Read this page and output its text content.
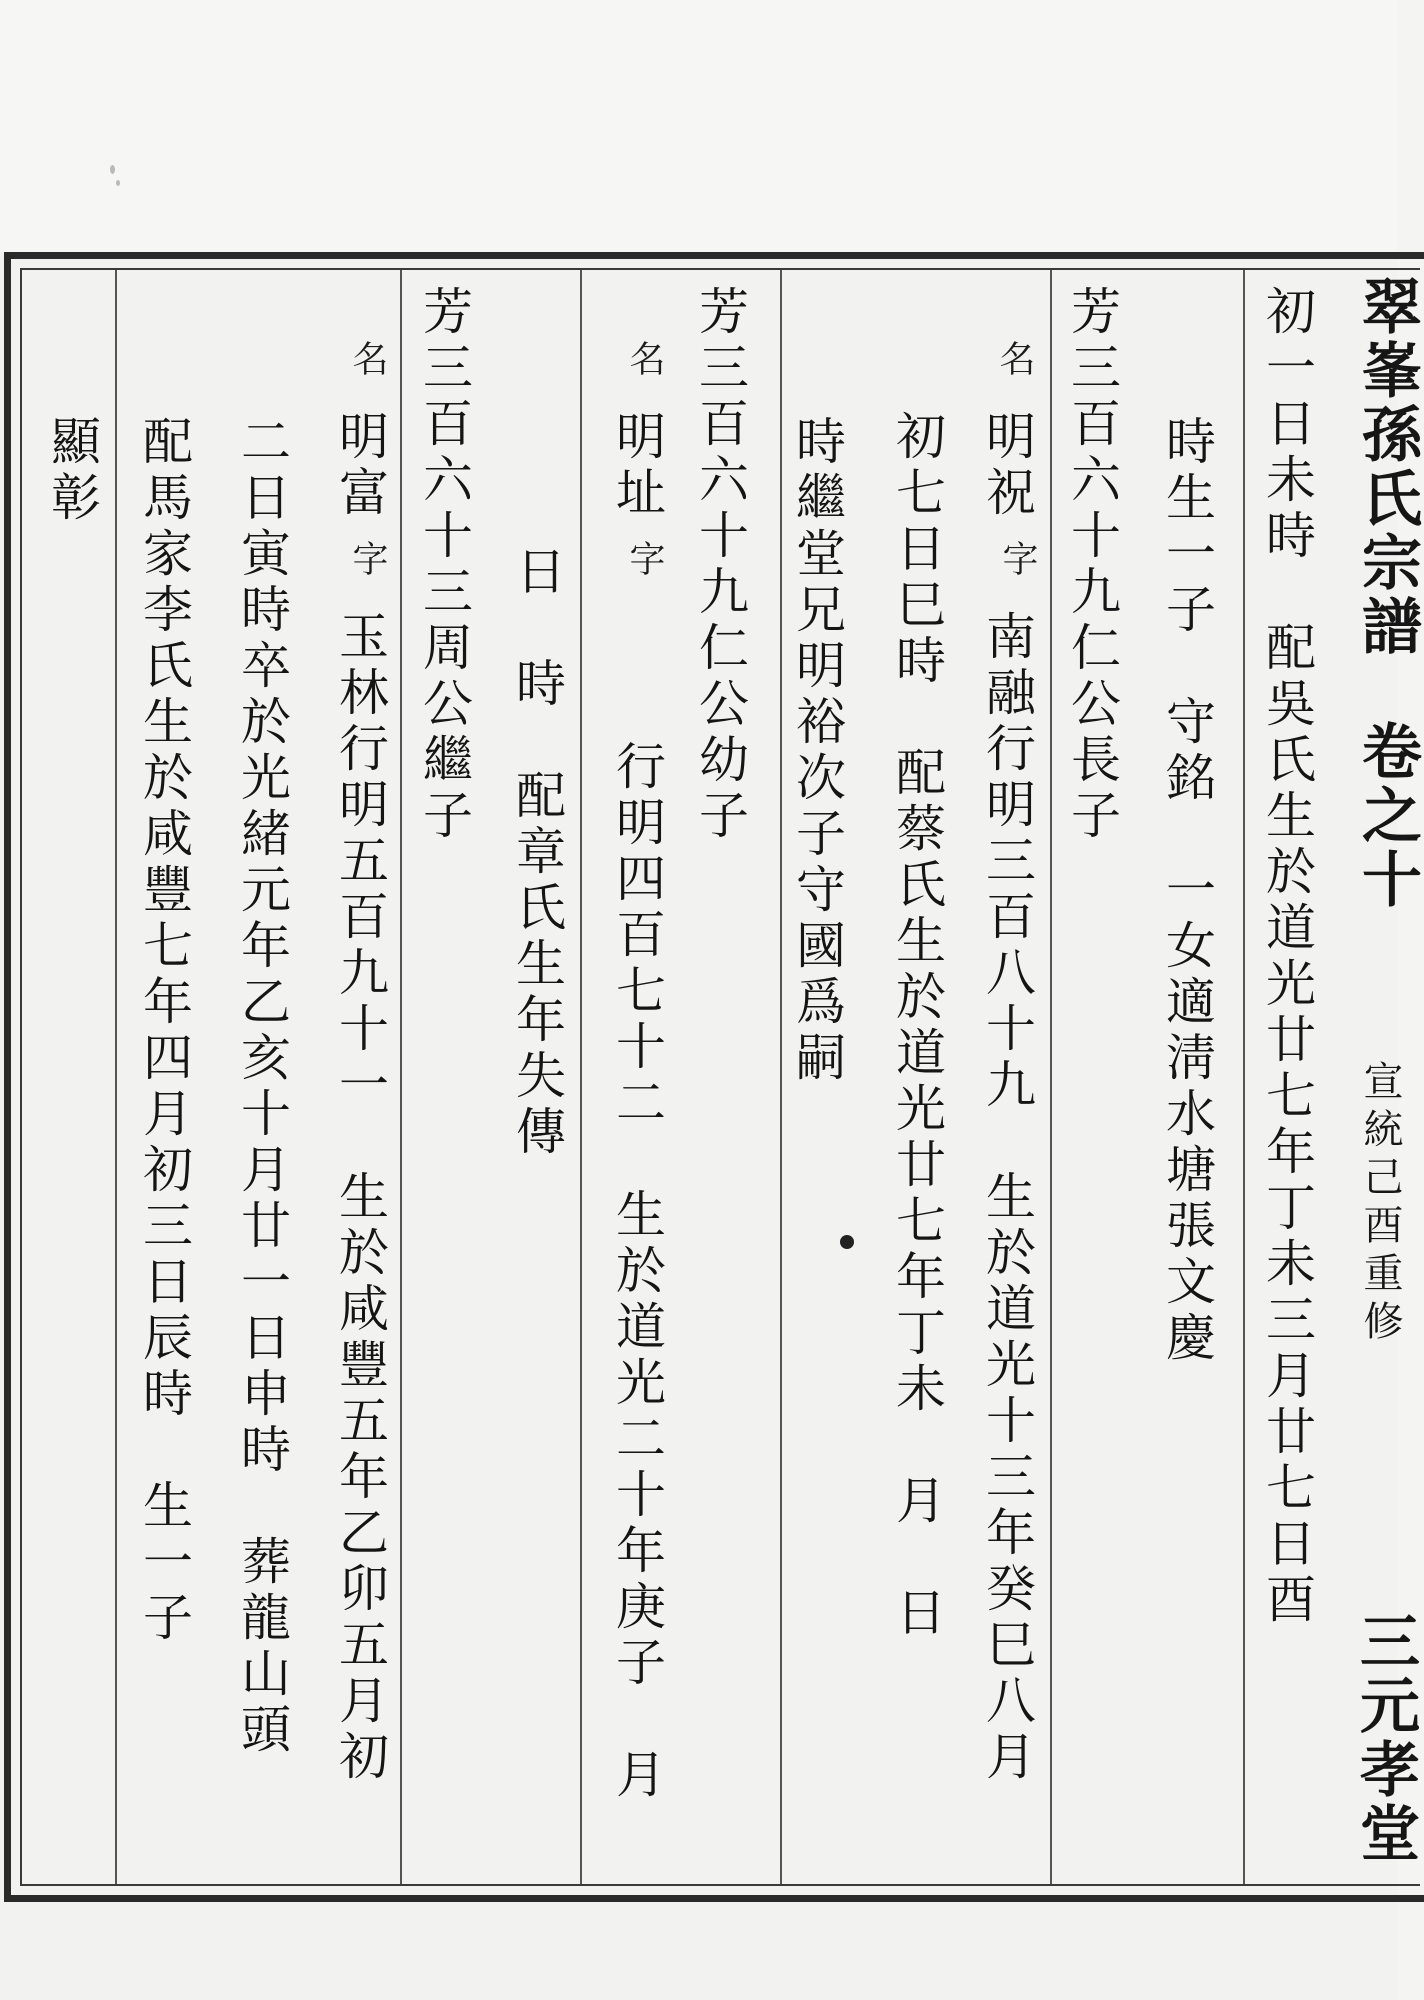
翠峯孫氏宗譜
卷之十
宣統己酉重修
三元孝堂
初一日未時　配吳氏生於道光廿七年丁未三月廿七日酉
時生一子　守銘　一女適淸水塘張文慶
芳三百六十九仁公長子
名
明祝
字
南融行明三百八十九　生於道光十三年癸巳八月
初七日巳時　配蔡氏生於道光廿七年丁未　月　日
時繼堂兄明裕次子守國爲嗣
芳三百六十九仁公幼子
名
明址
字
行明四百七十二　生於道光二十年庚子　月
日　時　配章氏生年失傳
芳三百六十三周公繼子
名
明富
字
玉林行明五百九十一　生於咸豐五年乙卯五月初
二日寅時卒於光緒元年乙亥十月廿一日申時　葬龍山頭
配馬家李氏生於咸豐七年四月初三日辰時　生一子
顯彰
